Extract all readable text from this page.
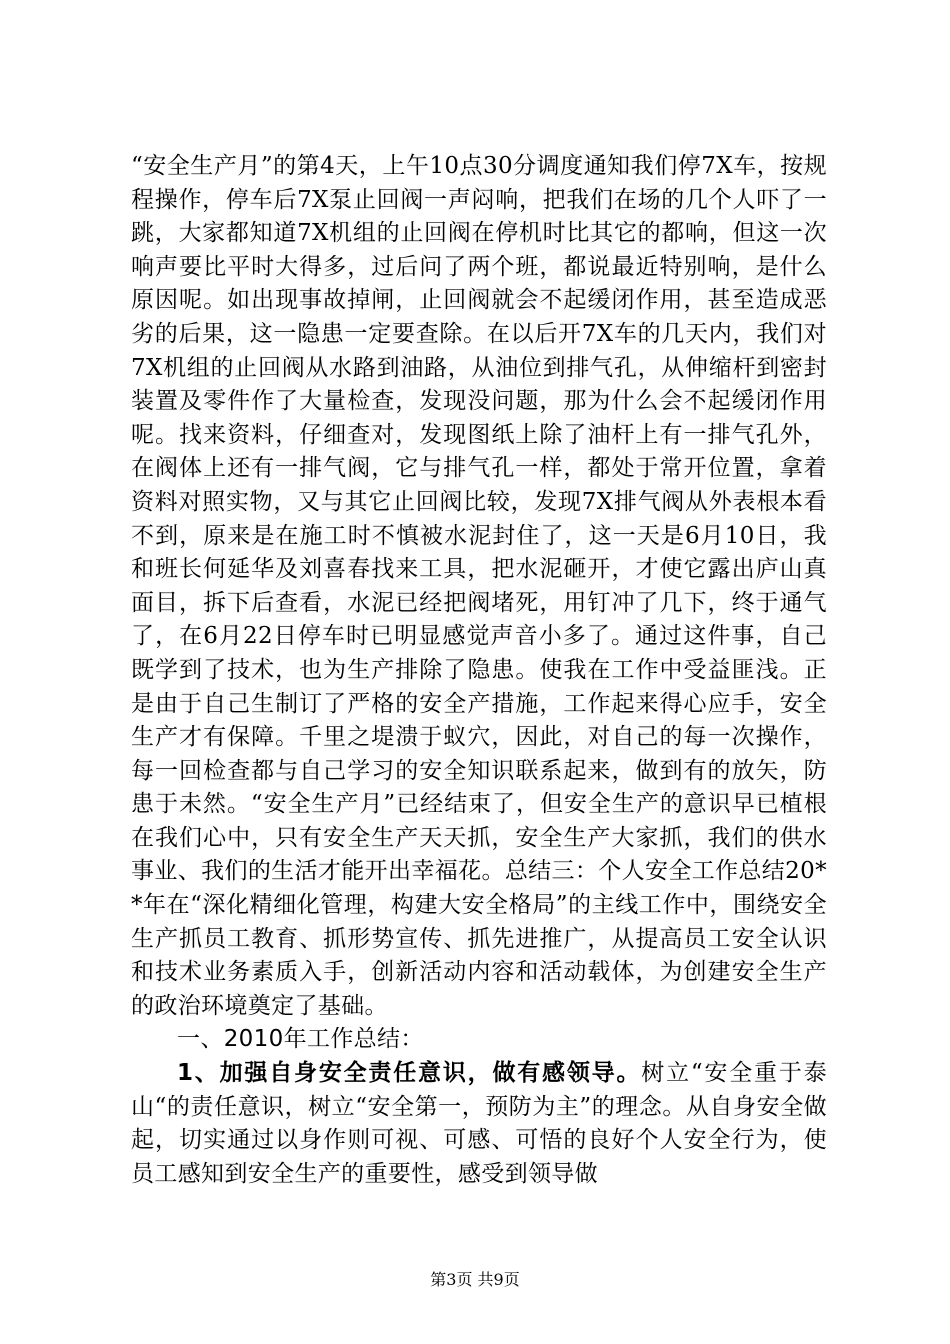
“安全生产月”的第4天，上午10点30分调度通知我们停7X车，按规程操作，停车后7X泵止回阀一声闷响，把我们在场的几个人吓了一跳，大家都知道7X机组的止回阀在停机时比其它的都响，但这一次响声要比平时大得多，过后问了两个班，都说最近特别响，是什么原因呢。如出现事故掉闸，止回阀就会不起缓闭作用，甚至造成恶劣的后果，这一隐患一定要查除。在以后开7X车的几天内，我们对7X机组的止回阀从水路到油路，从油位到排气孔，从伸缩杆到密封装置及零件作了大量检查，发现没问题，那为什么会不起缓闭作用呢。找来资料，仔细查对，发现图纸上除了油杆上有一排气孔外，在阀体上还有一排气阀，它与排气孔一样，都处于常开位置，拿着资料对照实物，又与其它止回阀比较，发现7X排气阀从外表根本看不到，原来是在施工时不慎被水泥封住了，这一天是6月10日，我和班长何延华及刘喜春找来工具，把水泥砸开，才使它露出庐山真面目，拆下后查看，水泥已经把阀堵死，用钉冲了几下，终于通气了，在6月22日停车时已明显感觉声音小多了。通过这件事，自己既学到了技术，也为生产排除了隐患。使我在工作中受益匪浅。正是由于自己生制订了严格的安全产措施，工作起来得心应手，安全生产才有保障。千里之堤溃于蚁穴，因此，对自己的每一次操作，每一回检查都与自己学习的安全知识联系起来，做到有的放矢，防患于未然。“安全生产月”已经结束了，但安全生产的意识早已植根在我们心中，只有安全生产天天抓，安全生产大家抓，我们的供水事业、我们的生活才能开出幸福花。总结三：个人安全工作总结20**年在“深化精细化管理，构建大安全格局”的主线工作中，围绕安全生产抓员工教育、抓形势宣传、抓先进推广，从提高员工安全认识和技术业务素质入手，创新活动内容和活动载体，为创建安全生产的政治环境奠定了基础。

一、2010年工作总结：

1、加强自身安全责任意识，做有感领导。树立“安全重于泰山“的责任意识，树立“安全第一，预防为主”的理念。从自身安全做起，切实通过以身作则可视、可感、可悟的良好个人安全行为，使员工感知到安全生产的重要性，感受到领导做

第3页 共9页
